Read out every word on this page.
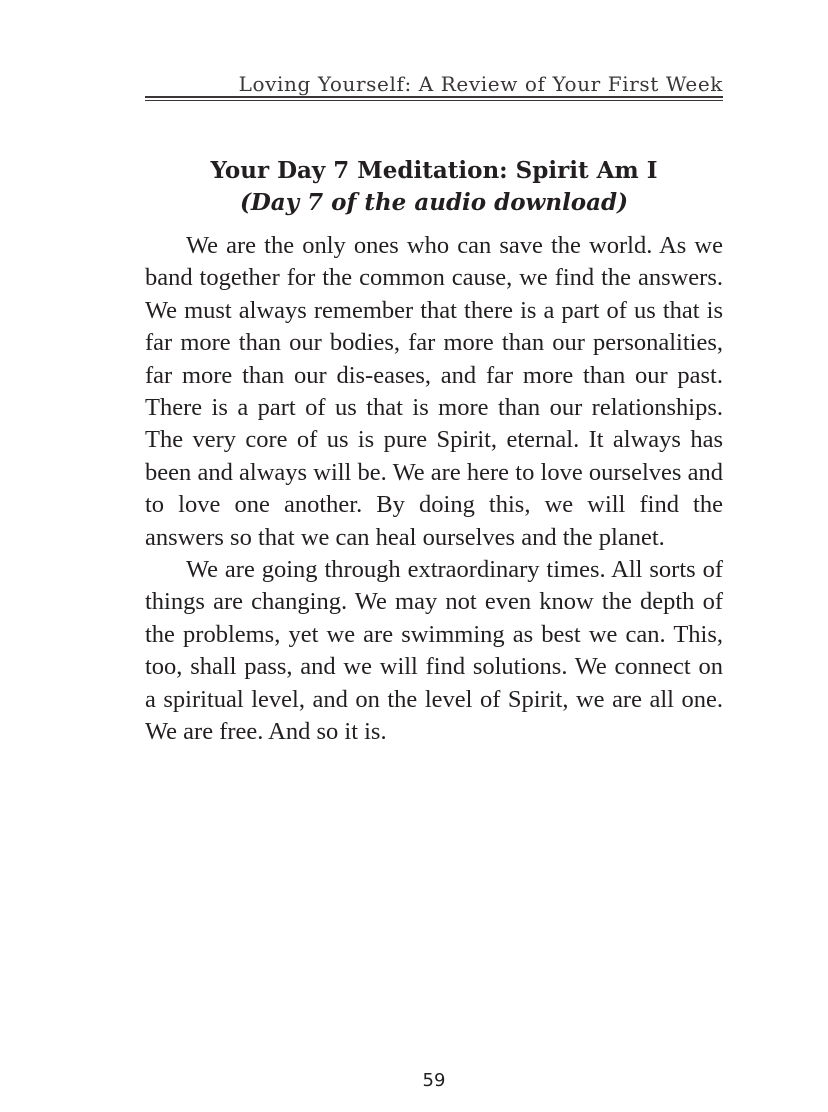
Loving Yourself: A Review of Your First Week
Your Day 7 Meditation: Spirit Am I
(Day 7 of the audio download)

We are the only ones who can save the world. As we band together for the common cause, we find the answers. We must always remember that there is a part of us that is far more than our bodies, far more than our personalities, far more than our dis-eases, and far more than our past. There is a part of us that is more than our relationships. The very core of us is pure Spirit, eternal. It always has been and always will be. We are here to love ourselves and to love one another. By doing this, we will find the answers so that we can heal ourselves and the planet.

We are going through extraordinary times. All sorts of things are changing. We may not even know the depth of the problems, yet we are swimming as best we can. This, too, shall pass, and we will find solutions. We connect on a spiritual level, and on the level of Spirit, we are all one. We are free. And so it is.

59
